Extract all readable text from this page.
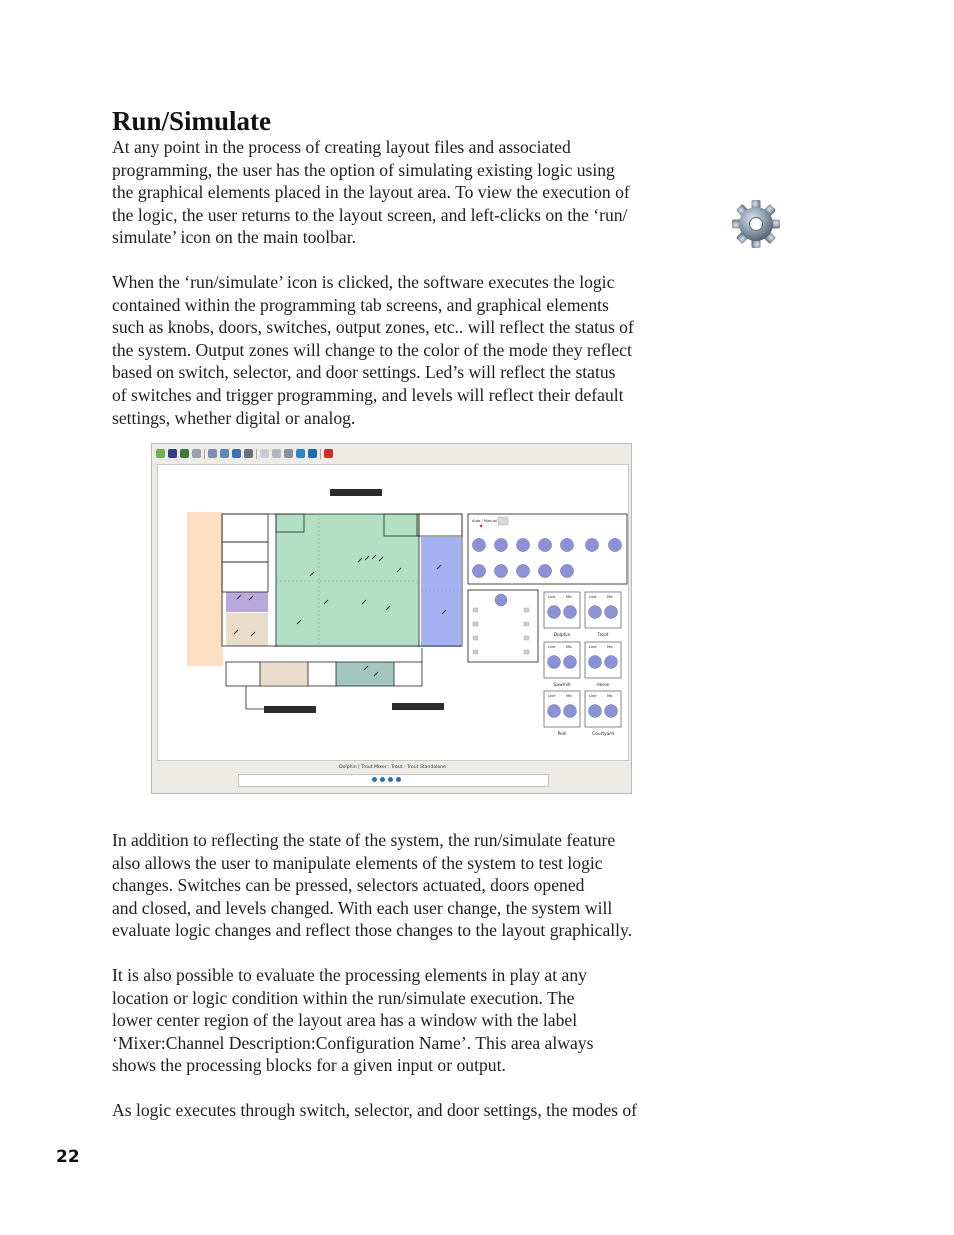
Run/Simulate

At any point in the process of creating layout files and associated
programming, the user has the option of simulating existing logic using
the graphical elements placed in the layout area. To view the execution of
the logic, the user returns to the layout screen, and left-clicks on the ‘run/
simulate’ icon on the main toolbar.

When the ‘run/simulate’ icon is clicked, the software executes the logic
contained within the programming tab screens, and graphical elements
such as knobs, doors, switches, output zones, etc.. will reflect the status of
the system. Output zones will change to the color of the mode they reflect
based on switch, selector, and door settings. Led’s will reflect the status
of switches and trigger programming, and levels will reflect their default
settings, whether digital or analog.

Auto / Manual
Line	Mic
Dolphin
Line	Mic
Trout
Line	Mic
Sawmill
Line	Mic
Heron
Line	Mic
Pelli
Line	Mic
Courtyard
Dolphin | Trout Mixer : Trout : Trout Standalone

In addition to reflecting the state of the system, the run/simulate feature
also allows the user to manipulate elements of the system to test logic
changes. Switches can be pressed, selectors actuated, doors opened
and closed, and levels changed. With each user change, the system will
evaluate logic changes and reflect those changes to the layout graphically.

It is also possible to evaluate the processing elements in play at any
location or logic condition within the run/simulate execution. The
lower center region of the layout area has a window with the label
‘Mixer:Channel Description:Configuration Name’. This area always
shows the processing blocks for a given input or output.

As logic executes through switch, selector, and door settings, the modes of

22
